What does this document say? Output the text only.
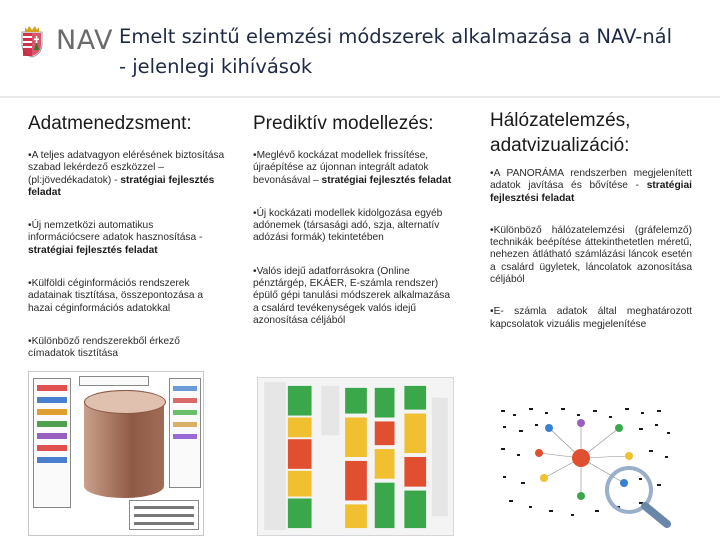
NAV Emelt szintű elemzési módszerek alkalmazása a NAV-nál - jelenlegi kihívások
Adatmenedzsment:
•A teljes adatvagyon elérésének biztosítása szabad lekérdező eszközzel – (pl:jövedékadatok) - stratégiai fejlesztés feladat
•Új nemzetközi automatikus információcsere adatok hasznosítása - stratégiai fejlesztés feladat
•Külföldi céginformációs rendszerek adatainak tisztítása, összepontozása a hazai céginformációs adatokkal
•Különböző rendszerekből érkező címadatok tisztítása
Prediktív modellezés:
•Meglévő kockázat modellek frissítése, újraépítése az újonnan integrált adatok bevonásával – stratégiai fejlesztés feladat
•Új kockázati modellek kidolgozása egyéb adónemek (társasági adó, szja, alternatív adózási formák) tekintetében
•Valós idejű adatforrásokra (Online pénztárgép, EKÁER, E-számla rendszer) épülő gépi tanulási módszerek alkalmazása a csalárd tevékenységek valós idejű azonosítása céljából
Hálózatelemzés, adatvizualizáció:
•A PANORÁMA rendszerben megjelenített adatok javítása és bővítése - stratégiai fejlesztési feladat
•Különböző hálózatelemzési (gráfelemző) technikák beépítése áttekinthetetlen méretű, nehezen átlátható számlázási láncok esetén a csalárd ügyletek, láncolatok azonosítása céljából
•E- számla adatok által meghatározott kapcsolatok vizuális megjelenítése
